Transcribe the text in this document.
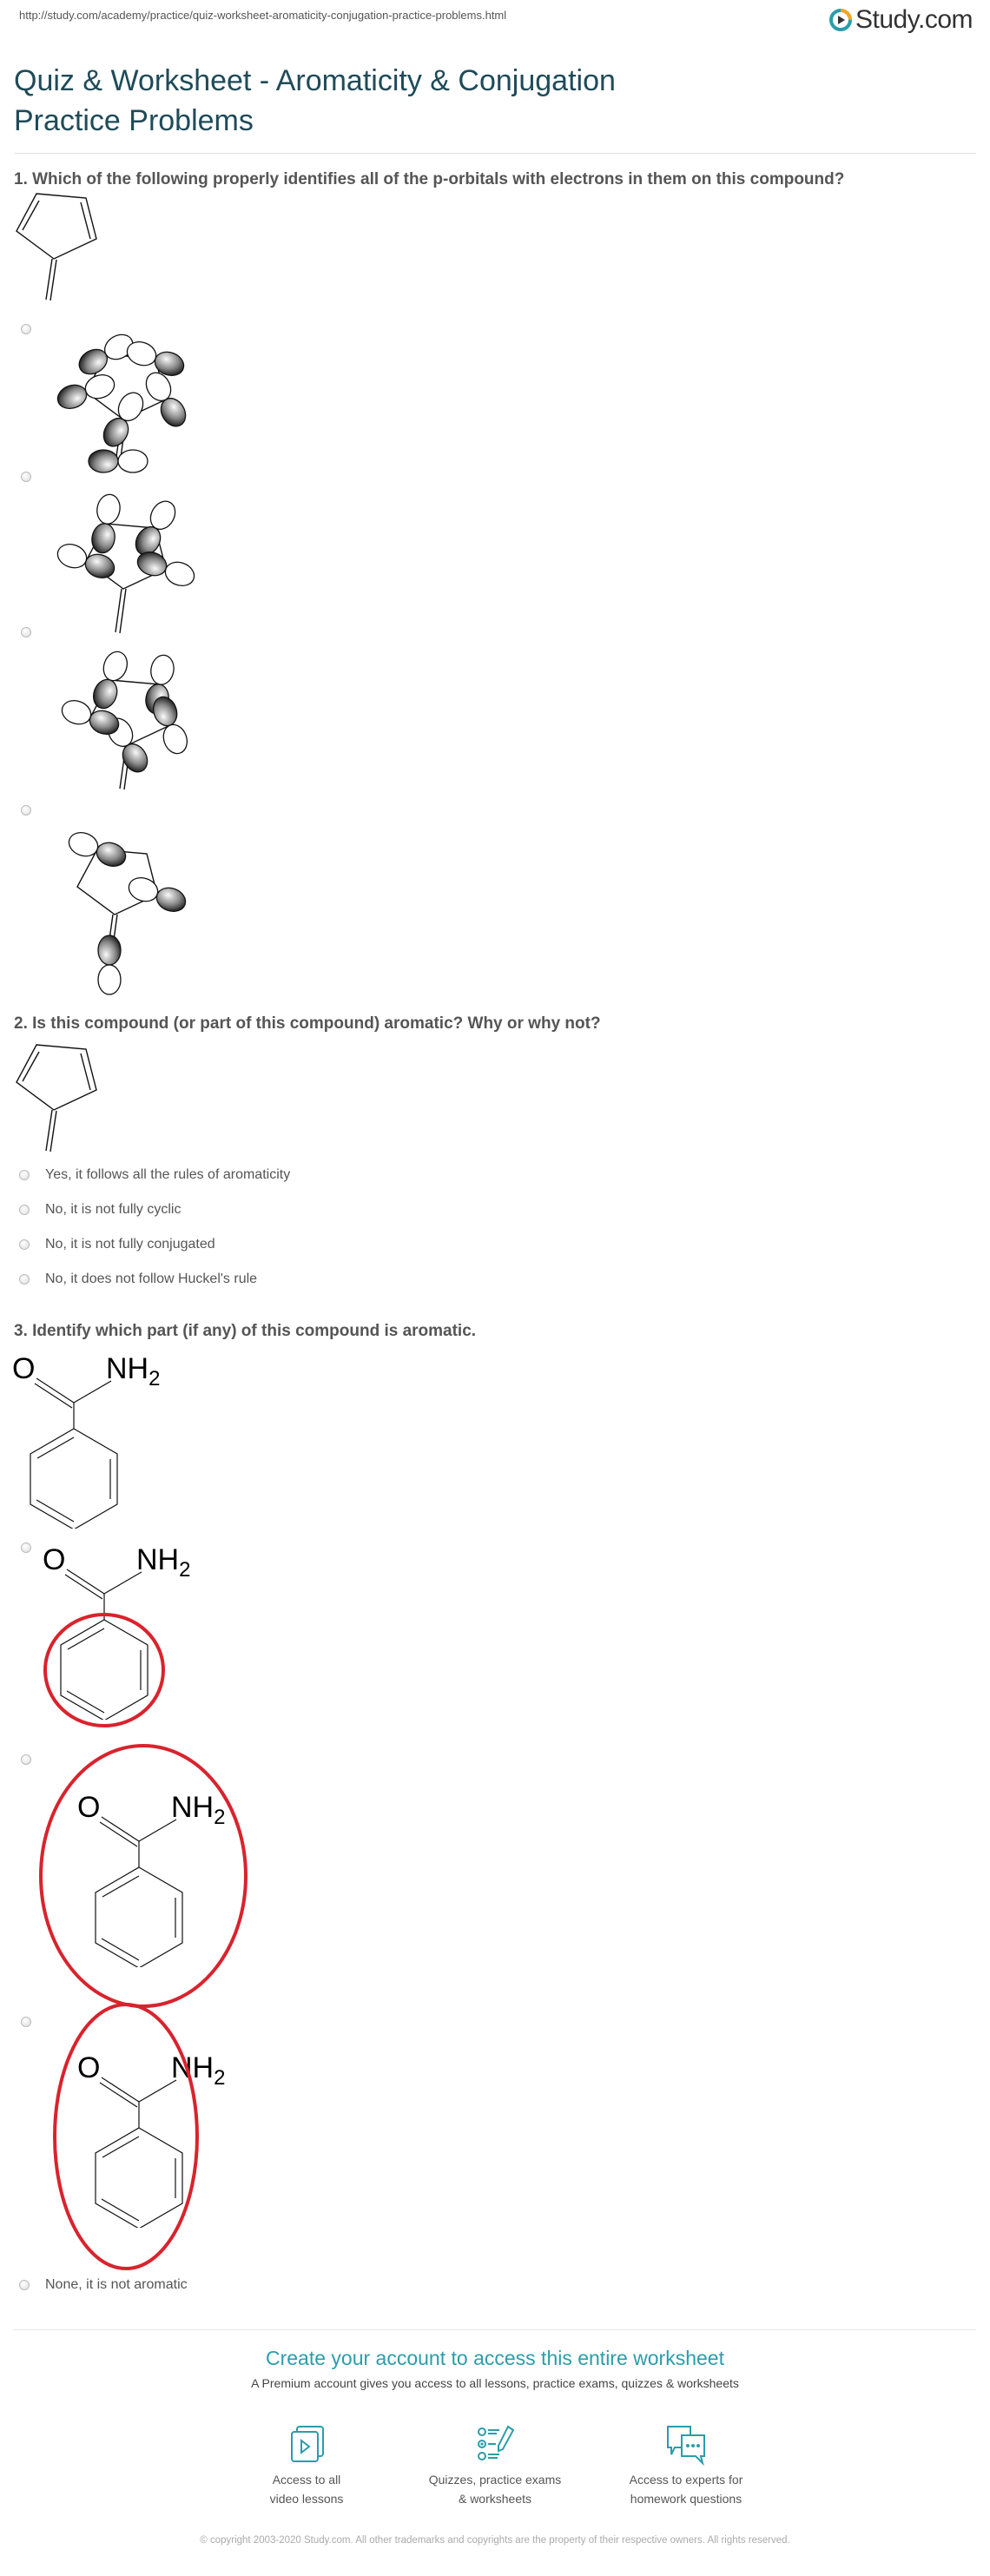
http://study.com/academy/practice/quiz-worksheet-aromaticity-conjugation-practice-problems.html	Study.com
Quiz & Worksheet - Aromaticity & Conjugation Practice Problems
1. Which of the following properly identifies all of the p-orbitals with electrons in them on this compound?
2. Is this compound (or part of this compound) aromatic? Why or why not?
Yes, it follows all the rules of aromaticity
No, it is not fully cyclic
No, it is not fully conjugated
No, it does not follow Huckel's rule
3. Identify which part (if any) of this compound is aromatic.
O $NH_2$
O $NH_2$
O $NH_2$
O $NH_2$
None, it is not aromatic
Create your account to access this entire worksheet
A Premium account gives you access to all lessons, practice exams, quizzes & worksheets
Access to all
video lessons
Quizzes, practice exams
& worksheets
Access to experts for
homework questions
© copyright 2003-2020 Study.com. All other trademarks and copyrights are the property of their respective owners. All rights reserved.
